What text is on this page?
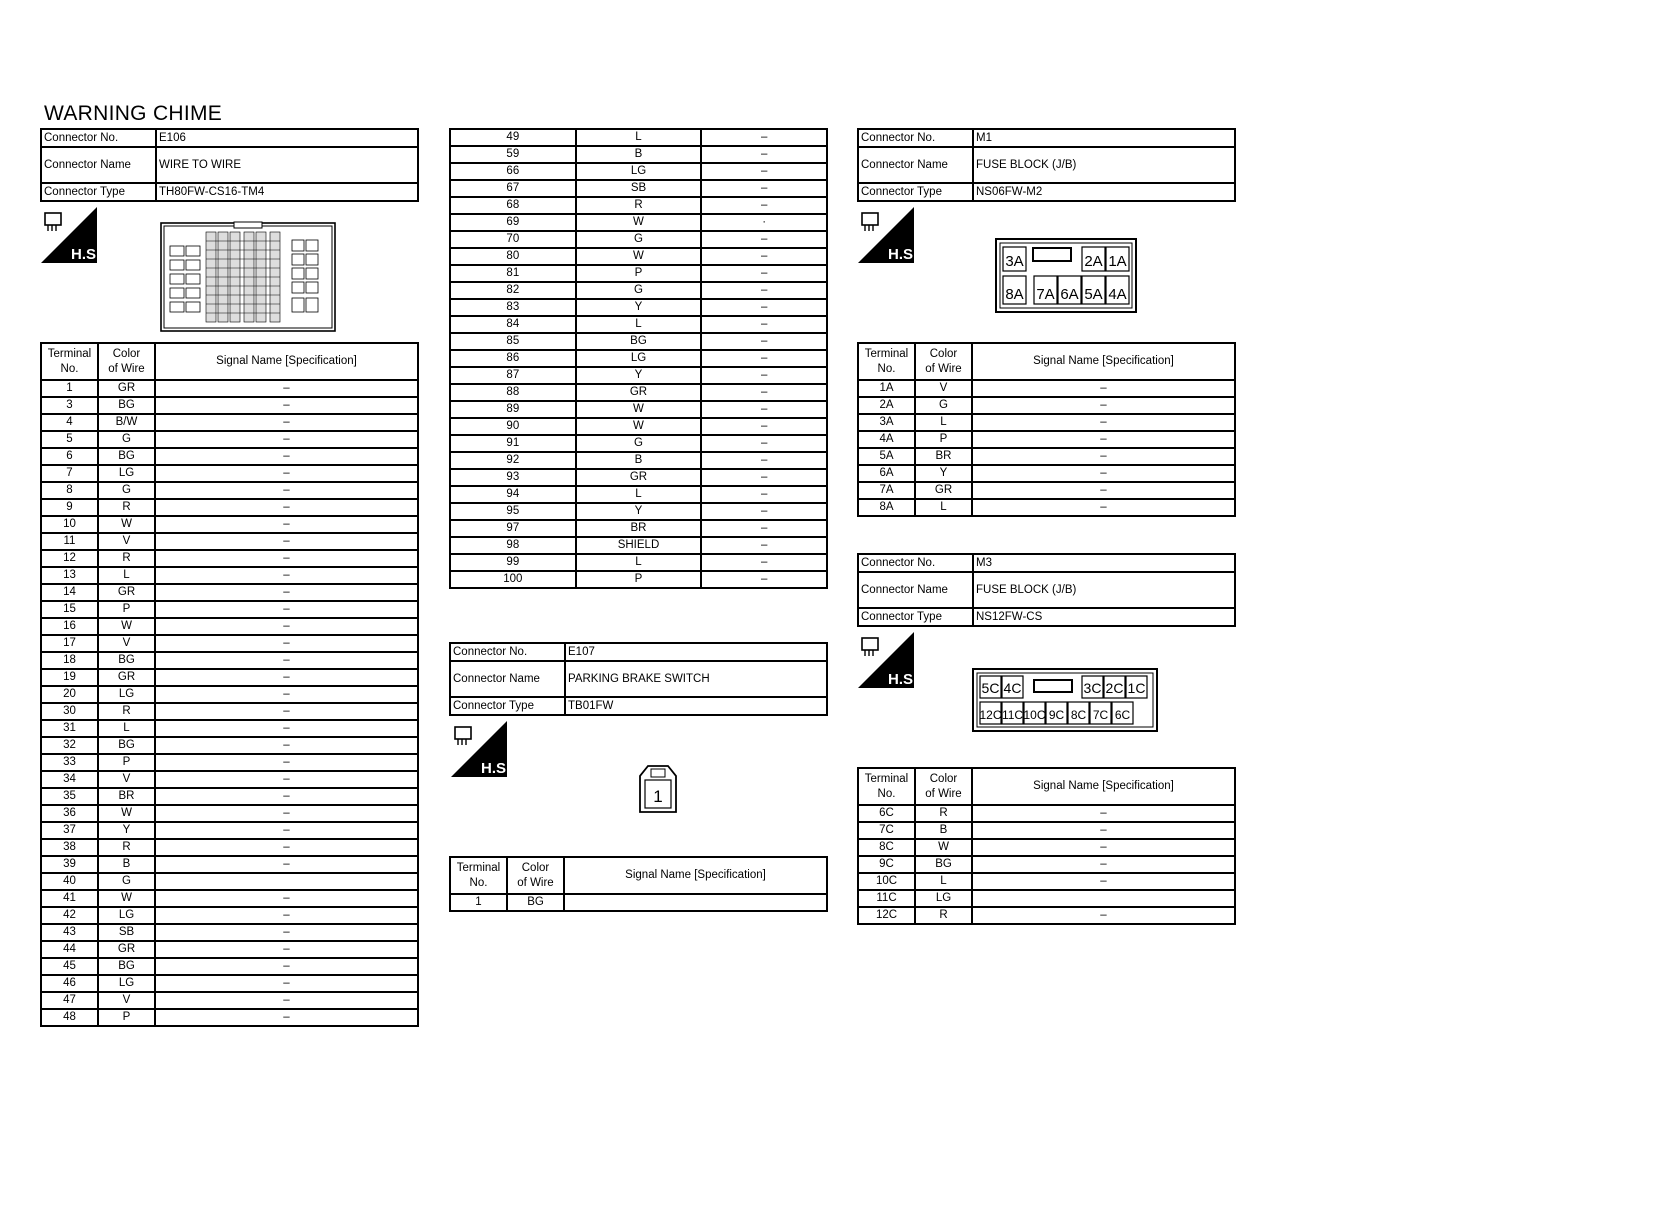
WARNING CHIME
Connector No.	E106
Connector Name	WIRE TO WIRE
Connector Type	TH80FW-CS16-TM4
H.S.
Terminal
No.	Color
of Wire	Signal Name [Specification]
1	GR	–
3	BG	–
4	B/W	–
5	G	–
6	BG	–
7	LG	–
8	G	–
9	R	–
10	W	–
11	V	–
12	R	–
13	L	–
14	GR	–
15	P	–
16	W	–
17	V	–
18	BG	–
19	GR	–
20	LG	–
30	R	–
31	L	–
32	BG	–
33	P	–
34	V	–
35	BR	–
36	W	–
37	Y	–
38	R	–
39	B	–
40	G	
41	W	–
42	LG	–
43	SB	–
44	GR	–
45	BG	–
46	LG	–
47	V	–
48	P	–
49	L	–
59	B	–
66	LG	–
67	SB	–
68	R	–
69	W	·
70	G	–
80	W	–
81	P	–
82	G	–
83	Y	–
84	L	–
85	BG	–
86	LG	–
87	Y	–
88	GR	–
89	W	–
90	W	–
91	G	–
92	B	–
93	GR	–
94	L	–
95	Y	–
97	BR	–
98	SHIELD	–
99	L	–
100	P	–
Connector No.	E107
Connector Name	PARKING BRAKE SWITCH
Connector Type	TB01FW
H.S.
1
Terminal
No.	Color
of Wire	Signal Name [Specification]
1	BG	
Connector No.	M1
Connector Name	FUSE BLOCK (J/B)
Connector Type	NS06FW-M2
H.S.	3A	2A 1A
8A 7A 6A 5A 4A
Terminal
No.	Color
of Wire	Signal Name [Specification]
1A	V	–
2A	G	–
3A	L	–
4A	P	–
5A	BR	–
6A	Y	–
7A	GR	–
8A	L	–
Connector No.	M3
Connector Name	FUSE BLOCK (J/B)
Connector Type	NS12FW-CS
H.S.	5C 4C	3C 2C 1C
12C 11C 10C 9C 8C 7C 6C
Terminal
No.	Color
of Wire	Signal Name [Specification]
6C	R	–
7C	B	–
8C	W	–
9C	BG	–
10C	L	–
11C	LG	
12C	R	–
